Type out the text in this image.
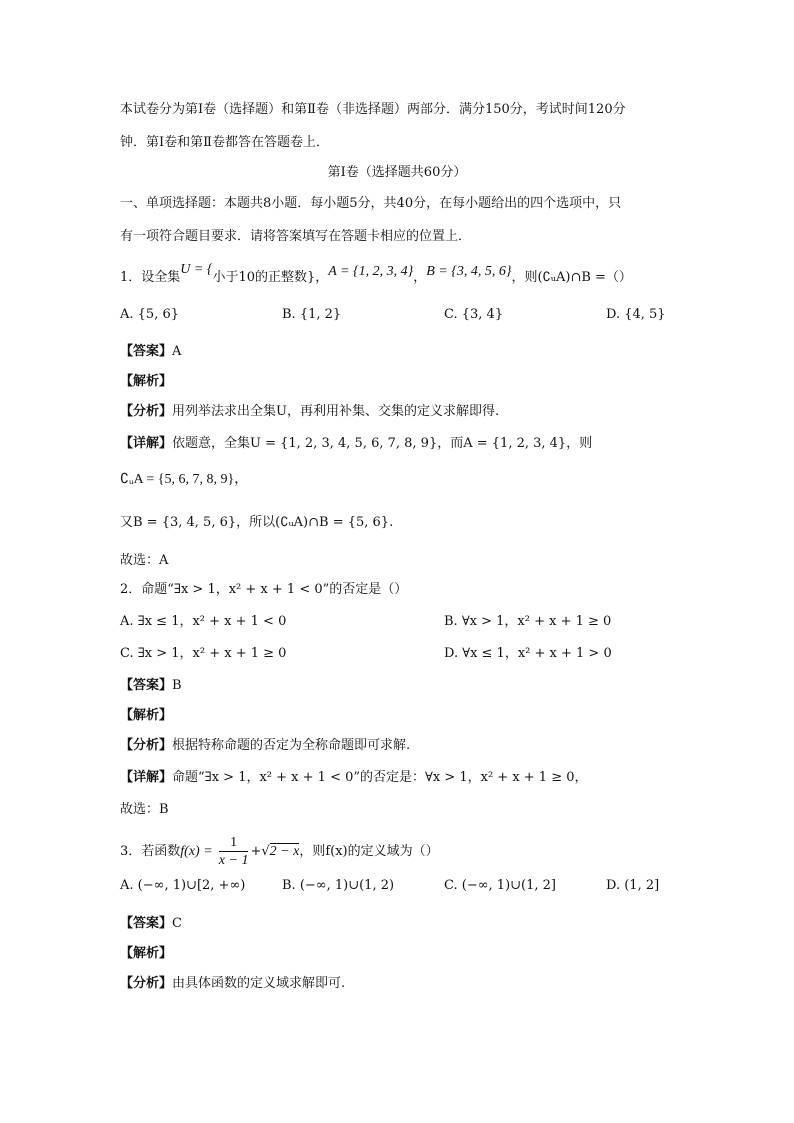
本试卷分为第Ⅰ卷（选择题）和第Ⅱ卷（非选择题）两部分．满分150分，考试时间120分
钟．第Ⅰ卷和第Ⅱ卷都答在答题卷上．
第Ⅰ卷（选择题共60分）
一、单项选择题：本题共8小题．每小题5分，共40分，在每小题给出的四个选项中，只
有一项符合题目要求．请将答案填写在答题卡相应的位置上．
1．设全集U = {小于10的正整数}，A = {1, 2, 3, 4}，B = {3, 4, 5, 6}，则(∁ᵤA)∩B =（）
A. {5, 6}	B. {1, 2}	C. {3, 4}	D. {4, 5}
【答案】A
【解析】
【分析】用列举法求出全集U，再利用补集、交集的定义求解即得.
【详解】依题意，全集U = {1, 2, 3, 4, 5, 6, 7, 8, 9}，而A = {1, 2, 3, 4}，则
∁ᵤA = {5, 6, 7, 8, 9}，
又B = {3, 4, 5, 6}，所以(∁ᵤA)∩B = {5, 6}.
故选：A
2．命题“∃x > 1，x² + x + 1 < 0”的否定是（）
A. ∃x ≤ 1，x² + x + 1 < 0	B. ∀x > 1，x² + x + 1 ≥ 0
C. ∃x > 1，x² + x + 1 ≥ 0	D. ∀x ≤ 1，x² + x + 1 > 0
【答案】B
【解析】
【分析】根据特称命题的否定为全称命题即可求解.
【详解】命题“∃x > 1，x² + x + 1 < 0”的否定是：∀x > 1，x² + x + 1 ≥ 0，
故选：B
3．若函数$f(x) = \frac{1}{x - 1} +√2 - x$，则f(x)的定义域为（）
A. (−∞, 1)∪[2, +∞)	B. (−∞, 1)∪(1, 2)	C. (−∞, 1)∪(1, 2]	D. (1, 2]
【答案】C
【解析】
【分析】由具体函数的定义域求解即可.
